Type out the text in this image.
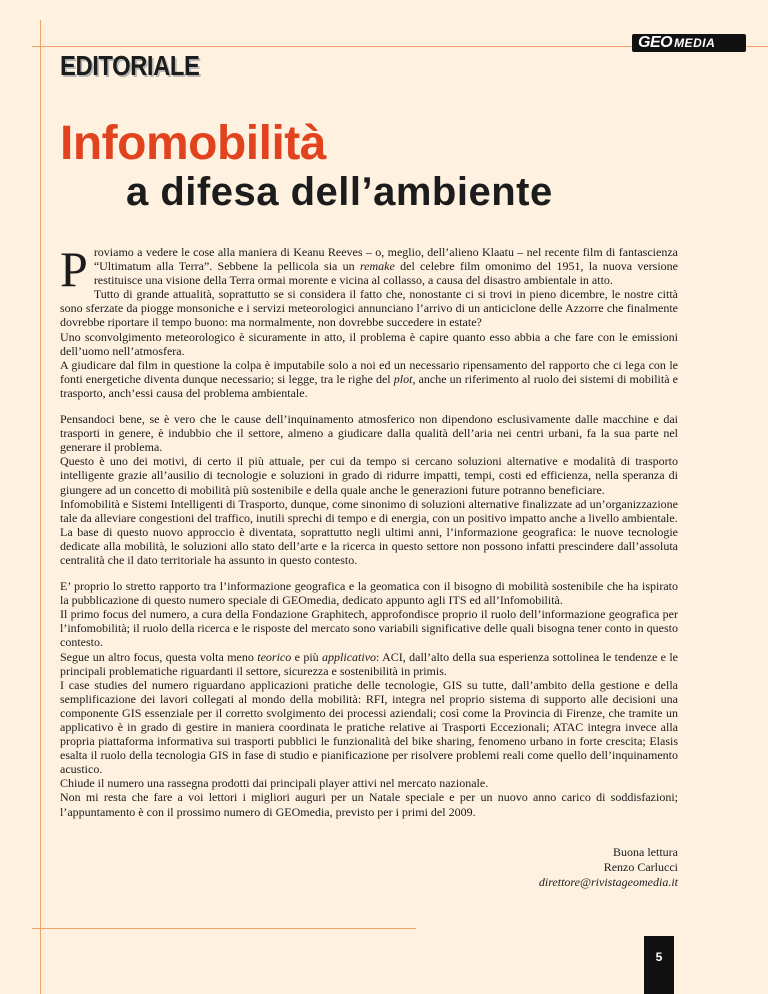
GEO MEDIA
EDITORIALE
Infomobilità
a difesa dell’ambiente

Proviamo a vedere le cose alla maniera di Keanu Reeves – o, meglio, dell’alieno Klaatu – nel recente film di fantascienza “Ultimatum alla Terra”. Sebbene la pellicola sia un remake del celebre film omonimo del 1951, la nuova versione restituisce una visione della Terra ormai morente e vicina al collasso, a causa del disastro ambientale in atto.

Tutto di grande attualità, soprattutto se si considera il fatto che, nonostante ci si trovi in pieno dicembre, le nostre città sono sferzate da piogge monsoniche e i servizi meteorologici annunciano l’arrivo di un anticiclone delle Azzorre che finalmente dovrebbe riportare il tempo buono: ma normalmente, non dovrebbe succedere in estate?

Uno sconvolgimento meteorologico è sicuramente in atto, il problema è capire quanto esso abbia a che fare con le emissioni dell’uomo nell’atmosfera.

A giudicare dal film in questione la colpa è imputabile solo a noi ed un necessario ripensamento del rapporto che ci lega con le fonti energetiche diventa dunque necessario; si legge, tra le righe del plot, anche un riferimento al ruolo dei sistemi di mobilità e trasporto, anch’essi causa del problema ambientale.

Pensandoci bene, se è vero che le cause dell’inquinamento atmosferico non dipendono esclusivamente dalle macchine e dai trasporti in genere, è indubbio che il settore, almeno a giudicare dalla qualità dell’aria nei centri urbani, fa la sua parte nel generare il problema.

Questo è uno dei motivi, di certo il più attuale, per cui da tempo si cercano soluzioni alternative e modalità di trasporto intelligente grazie all’ausilio di tecnologie e soluzioni in grado di ridurre impatti, tempi, costi ed efficienza, nella speranza di giungere ad un concetto di mobilità più sostenibile e della quale anche le generazioni future potranno beneficiare.

Infomobilità e Sistemi Intelligenti di Trasporto, dunque, come sinonimo di soluzioni alternative finalizzate ad un’organizzazione tale da alleviare congestioni del traffico, inutili sprechi di tempo e di energia, con un positivo impatto anche a livello ambientale.

La base di questo nuovo approccio è diventata, soprattutto negli ultimi anni, l’informazione geografica: le nuove tecnologie dedicate alla mobilità, le soluzioni allo stato dell’arte e la ricerca in questo settore non possono infatti prescindere dall’assoluta centralità che il dato territoriale ha assunto in questo contesto.

E’ proprio lo stretto rapporto tra l’informazione geografica e la geomatica con il bisogno di mobilità sostenibile che ha ispirato la pubblicazione di questo numero speciale di GEOmedia, dedicato appunto agli ITS ed all’Infomobilità.

Il primo focus del numero, a cura della Fondazione Graphitech, approfondisce proprio il ruolo dell’informazione geografica per l’infomobilità; il ruolo della ricerca e le risposte del mercato sono variabili significative delle quali bisogna tener conto in questo contesto.

Segue un altro focus, questa volta meno teorico e più applicativo: ACI, dall’alto della sua esperienza sottolinea le tendenze e le principali problematiche riguardanti il settore, sicurezza e sostenibilità in primis.

I case studies del numero riguardano applicazioni pratiche delle tecnologie, GIS su tutte, dall’ambito della gestione e della semplificazione dei lavori collegati al mondo della mobilità: RFI, integra nel proprio sistema di supporto alle decisioni una componente GIS essenziale per il corretto svolgimento dei processi aziendali; così come la Provincia di Firenze, che tramite un applicativo è in grado di gestire in maniera coordinata le pratiche relative ai Trasporti Eccezionali; ATAC integra invece alla propria piattaforma informativa sui trasporti pubblici le funzionalità del bike sharing, fenomeno urbano in forte crescita; Elasis esalta il ruolo della tecnologia GIS in fase di studio e pianificazione per risolvere problemi reali come quello dell’inquinamento acustico.

Chiude il numero una rassegna prodotti dai principali player attivi nel mercato nazionale.

Non mi resta che fare a voi lettori i migliori auguri per un Natale speciale e per un nuovo anno carico di soddisfazioni; l’appuntamento è con il prossimo numero di GEOmedia, previsto per i primi del 2009.

Buona lettura
Renzo Carlucci
direttore@rivistageomedia.it
5
